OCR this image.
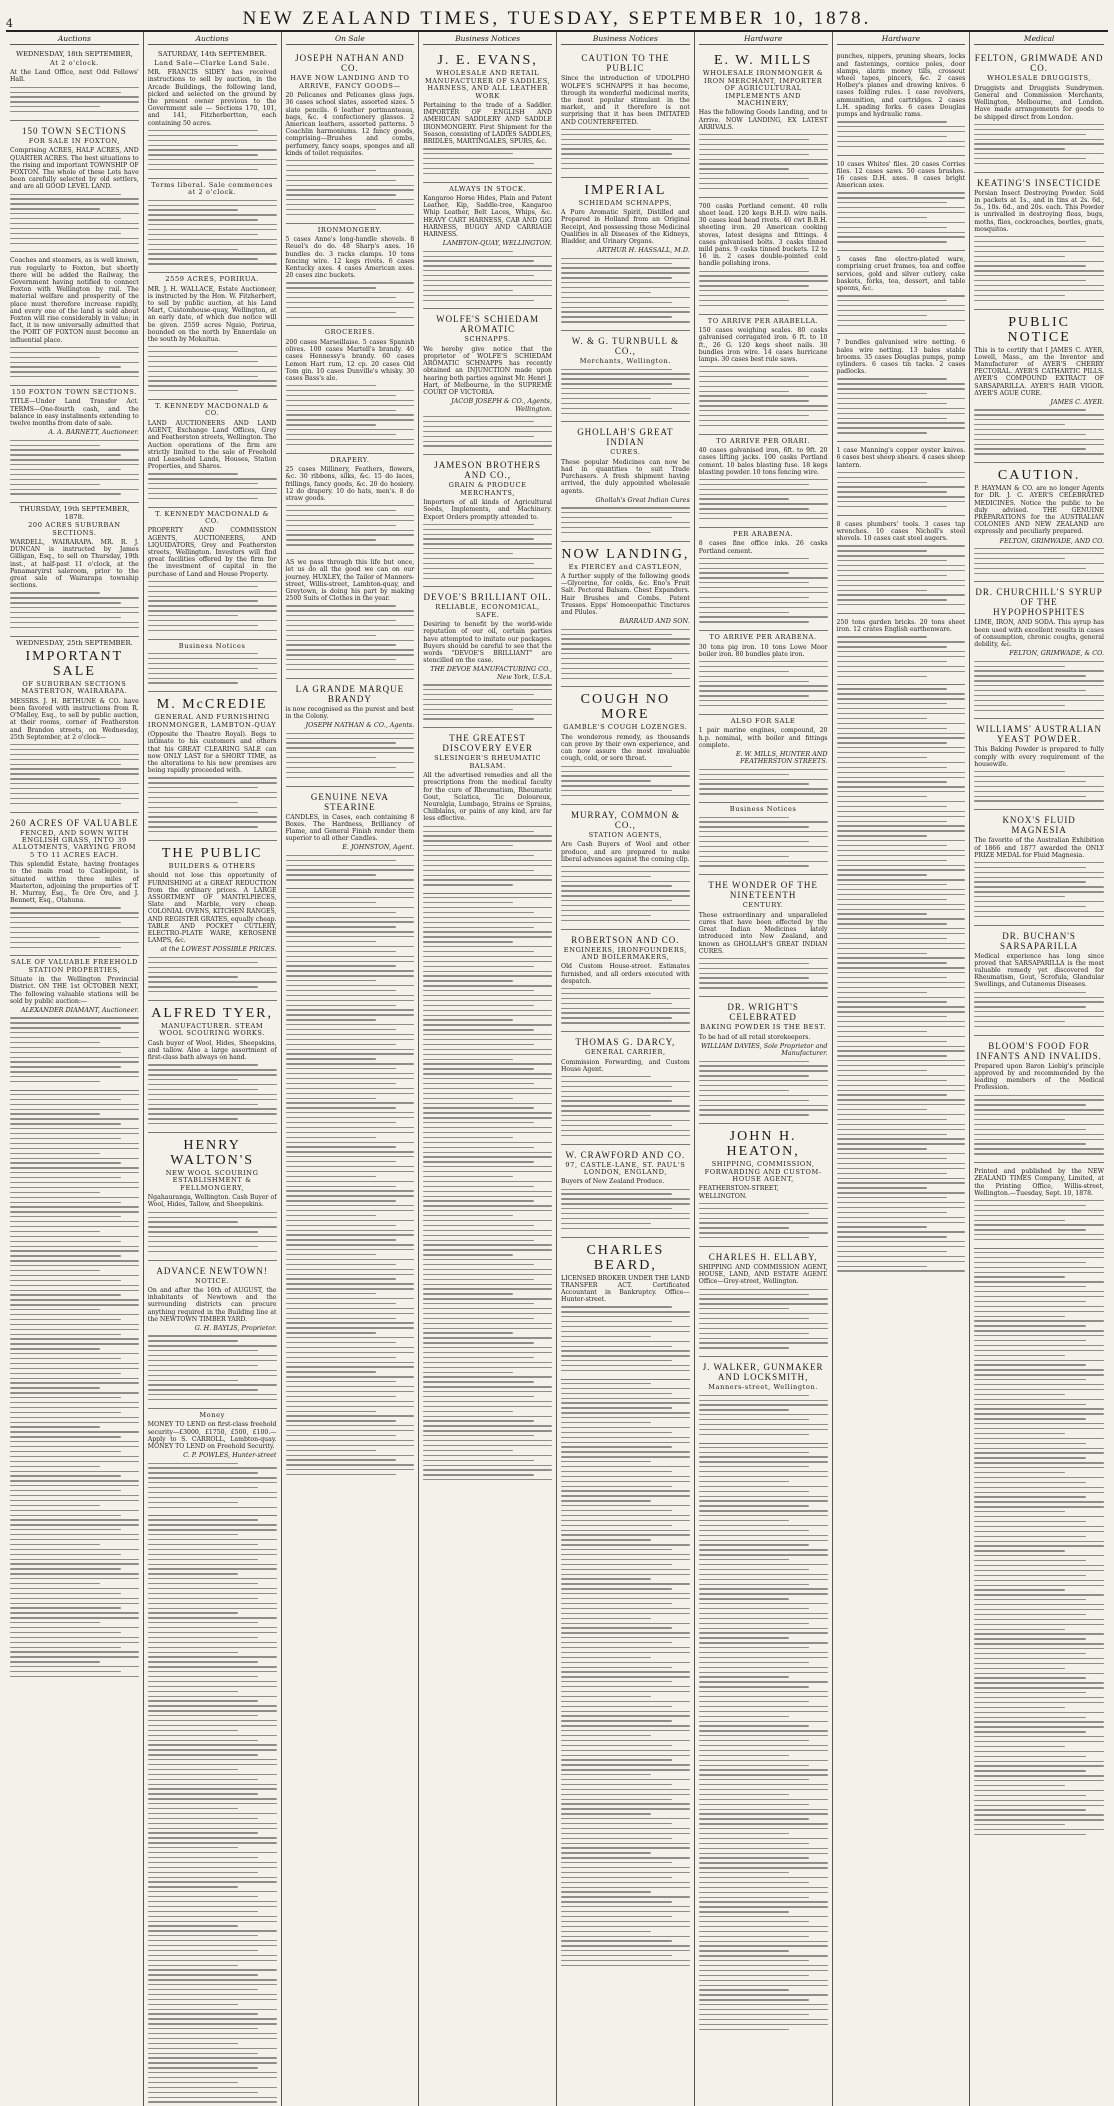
4	NEW ZEALAND TIMES, TUESDAY, SEPTEMBER 10, 1878.
Auctions
WEDNESDAY, 18th SEPTEMBER,
At 2 o'clock.
At the Land Office, next Odd Fellows' Hall.
150 TOWN SECTIONS
FOR SALE IN FOXTON,
Comprising ACRES, HALF ACRES, AND QUARTER ACRES. The best situations to the rising and important TOWNSHIP OF FOXTON. The whole of these Lots have been carefully selected by old settlers, and are all GOOD LEVEL LAND.
Coaches and steamers, as is well known, run regularly to Foxton, but shortly there will be added the Railway, the Government having notified to connect Foxton with Wellington by rail. The material welfare and prosperity of the place must therefore increase rapidly, and every one of the land is sold about Foxton will rise considerably in value; in fact, it is now universally admitted that the PORT OF FOXTON must become an influential place.
150 FOXTON TOWN SECTIONS.
TITLE—Under Land Transfer Act. TERMS—One-fourth cash, and the balance in easy instalments extending to twelve months from date of sale.
A. A. BARNETT, Auctioneer.
THURSDAY, 19th SEPTEMBER, 1878.
200 ACRES SUBURBAN SECTIONS.
WARDELL, WAIRARAPA. MR. R. J. DUNCAN is instructed by James Gilligan, Esq., to sell on Thursday, 19th inst., at half-past 11 o'clock, at the Panamaryirst saleroom, prior to the great sale of Wairarapa township sections.
WEDNESDAY, 25th SEPTEMBER.
IMPORTANT SALE
OF SUBURBAN SECTIONS MASTERTON, WAIRARAPA.
MESSRS. J. H. BETHUNE & CO. have been favored with instructions from R. O'Malley, Esq., to sell by public auction, at their rooms, corner of Featherston and Brandon streets, on Wednesday, 25th September, at 2 o'clock—
260 ACRES OF VALUABLE
FENCED, AND SOWN WITH ENGLISH GRASS, INTO 39 ALLOTMENTS, VARYING FROM 5 TO 11 ACRES EACH.
This splendid Estate, having frontages to the main road to Castlepoint, is situated within three miles of Masterton, adjoining the properties of T. H. Murray, Esq., Te Ore Ore, and J. Bennett, Esq., Otahuna.
SALE OF VALUABLE FREEHOLD STATION PROPERTIES,
Situate in the Wellington Provincial District. ON THE 1st OCTOBER NEXT, The following valuable stations will be sold by public auction:—
ALEXANDER DIAMANT, Auctioneer.
Auctions
SATURDAY, 14th SEPTEMBER.
Land Sale—Clarke Land Sale.
MR. FRANCIS SIDEY has received instructions to sell by auction, in the Arcade Buildings, the following land, picked and selected on the ground by the present owner previous to the Government sale — Sections 170, 101, and 141, Fitzherbertton, each containing 50 acres.
Terms liberal. Sale commences at 2 o'clock.
2559 ACRES, PORIRUA.
MR. J. H. WALLACE, Estate Auctioneer, is instructed by the Hon. W. Fitzherbert, to sell by public auction, at his Land Mart, Customhouse-quay, Wellington, at an early date, of which due notice will be given. 2559 acres Ngaio, Porirua, bounded on the north by Ennerdale on the south by Mokaitua.
T. KENNEDY MACDONALD & CO.
LAND AUCTIONEERS AND LAND AGENT, Exchange Land Offices, Grey and Featherston streets, Wellington. The Auction operations of the firm are strictly limited to the sale of Freehold and Leasehold Lands, Houses, Station Properties, and Shares.
T. KENNEDY MACDONALD & CO.
PROPERTY AND COMMISSION AGENTS, AUCTIONEERS, AND LIQUIDATORS, Grey and Featherston streets, Wellington. Investors will find great facilities offered by the firm for the investment of capital in the purchase of Land and House Property.
Business Notices
M. McCREDIE
GENERAL AND FURNISHING IRONMONGER, LAMBTON-QUAY
(Opposite the Theatre Royal). Begs to intimate to his customers and others that his GREAT CLEARING SALE can now ONLY LAST for a SHORT TIME, as the alterations to his new premises are being rapidly proceeded with.
THE PUBLIC
BUILDERS & OTHERS
should not lose this opportunity of FURNISHING at a GREAT REDUCTION from the ordinary prices. A LARGE ASSORTMENT OF MANTELPIECES, Slate and Marble, very cheap. COLONIAL OVENS, KITCHEN RANGES, AND REGISTER GRATES, equally cheap. TABLE AND POCKET CUTLERY, ELECTRO-PLATE WARE, KEROSENE LAMPS, &c.
at the LOWEST POSSIBLE PRICES.
ALFRED TYER,
MANUFACTURER. STEAM WOOL SCOURING WORKS.
Cash buyer of Wool, Hides, Sheepskins, and tallow. Also a large assortment of first-class bath always on hand.
HENRY WALTON'S
NEW WOOL SCOURING ESTABLISHMENT & FELLMONGERY,
Ngahauranga, Wellington. Cash Buyer of Wool, Hides, Tallow, and Sheepskins.
ADVANCE NEWTOWN!
NOTICE.
On and after the 16th of AUGUST, the inhabitants of Newtown and the surrounding districts can procure anything required in the Building line at the NEWTOWN TIMBER YARD.
G. H. BAYLIS, Proprietor.
Money
MONEY TO LEND on first-class freehold security—£3000, £1750, £500, £100.—Apply to S. CARROLL, Lambton-quay. MONEY TO LEND on Freehold Security.
C. P. POWLES, Hunter-street
On Sale
JOSEPH NATHAN AND CO.
HAVE NOW LANDING AND TO ARRIVE, FANCY GOODS—
20 Pelicanes and Pelicanes glass jugs. 36 cases school slates, assorted sizes. 5 slate pencils. 6 leather portmanteaus, bags, &c. 4 confectionery glasses. 2 American leathers, assorted patterns. 5 Coachlin harmoniums. 12 fancy goods, comprising—Brushes and combs, perfumery, fancy soaps, sponges and all kinds of toilet requisites.
IRONMONGERY.
5 cases Anne's long-handle shovels. 8 Reuel's do do. 48 Sharp's axes. 16 bundles do. 3 racks clamps. 10 tons fencing wire. 12 kegs rivets. 6 cases Kentucky axes. 4 cases American axes. 20 cases zinc buckets.
GROCERIES.
200 cases Marseillaise. 5 cases Spanish olives. 100 cases Martell's brandy. 40 cases Hennessy's brandy. 60 cases Lemon Hart rum, 12 cp. 20 cases Old Tom gin. 10 cases Dunville's whisky. 30 cases Bass's ale.
DRAPERY.
25 cases Millinery, Feathers, flowers, &c. 30 ribbons, silks, &c. 15 do laces, frillings, fancy goods, &c. 20 do hosiery. 12 do drapery. 10 do hats, men's. 8 do straw goods.
AS we pass through this life but once, let us do all the good we can on our journey. HUXLEY, the Tailor of Manners-street, Willis-street, Lambton-quay, and Greytown, is doing his part by making 2500 Suits of Clothes in the year.
LA GRANDE MARQUE BRANDY
is now recognised as the purest and best in the Colony.
JOSEPH NATHAN & CO., Agents.
GENUINE NEVA STEARINE
CANDLES, in Cases, each containing 8 Boxes. The Hardness, Brilliancy of Flame, and General Finish render them superior to all other Candles.
E. JOHNSTON, Agent.
Business Notices
J. E. EVANS,
WHOLESALE AND RETAIL MANUFACTURER OF SADDLES, HARNESS, AND ALL LEATHER WORK
Pertaining to the trade of a Saddler. IMPORTER OF ENGLISH AND AMERICAN SADDLERY AND SADDLE IRONMONGERY. First Shipment for the Season, consisting of LADIES SADDLES, BRIDLES, MARTINGALES, SPURS, &c.
ALWAYS IN STOCK.
Kangaroo Horse Hides, Plain and Patent Leather, Kip, Saddle-tree, Kangaroo Whip Leather, Belt Laces, Whips, &c. HEAVY CART HARNESS, CAB AND GIG HARNESS, BUGGY AND CARRIAGE HARNESS.
LAMBTON-QUAY, WELLINGTON.
WOLFE'S SCHIEDAM AROMATIC
SCHNAPPS.
We hereby give notice that the proprietor of WOLFE'S SCHIEDAM AROMATIC SCHNAPPS has recently obtained an INJUNCTION made upon hearing both parties against Mr. Henri J. Hart, of Melbourne, in the SUPREME COURT OF VICTORIA.
JACOB JOSEPH & CO., Agents, Wellington.
JAMESON BROTHERS AND CO.,
GRAIN & PRODUCE MERCHANTS,
Importers of all kinds of Agricultural Seeds, Implements, and Machinery. Export Orders promptly attended to.
DEVOE'S BRILLIANT OIL.
RELIABLE, ECONOMICAL, SAFE.
Desiring to benefit by the world-wide reputation of our oil, certain parties have attempted to imitate our packages. Buyers should be careful to see that the words "DEVOE'S BRILLIANT" are stencilled on the case.
THE DEVOE MANUFACTURING CO., New York, U.S.A.
THE GREATEST DISCOVERY EVER
SLESINGER'S RHEUMATIC BALSAM.
All the advertised remedies and all the prescriptions from the medical faculty for the cure of Rheumatism, Rheumatic Gout, Sciatica, Tic Doloureux, Neuralgia, Lumbago, Strains or Sprains, Chilblains, or pains of any kind, are far less effective.
Business Notices
CAUTION TO THE PUBLIC
Since the introduction of UDOLPHO WOLFE'S SCHNAPPS it has become, through its wonderful medicinal merits, the most popular stimulant in the market, and it therefore is not surprising that it has been IMITATED AND COUNTERFEITED.
IMPERIAL
SCHIEDAM SCHNAPPS,
A Pure Aromatic Spirit, Distilled and Prepared in Holland from an Original Receipt, And possessing those Medicinal Qualities in all Diseases of the Kidneys, Bladder, and Urinary Organs.
ARTHUR H. HASSALL, M.D.
W. & G. TURNBULL & CO.,
Merchants, Wellington.
GHOLLAH'S GREAT INDIAN
CURES.
These popular Medicines can now be had in quantities to suit Trade Purchasers. A fresh shipment having arrived, the duly appointed wholesale agents.
Ghollah's Great Indian Cures
NOW LANDING,
Ex PIERCEY and CASTLEON,
A further supply of the following goods—Glycerine, for colds, &c. Eno's Fruit Salt. Pectoral Balsam. Chest Expanders. Hair Brushes and Combs. Patent Trusses. Epps' Homoeopathic Tinctures and Pilules.
BARRAUD AND SON.
COUGH NO MORE
GAMBLE'S COUGH LOZENGES.
The wonderous remedy, as thousands can prove by their own experience, and can now assure the most invaluable cough, cold, or sore throat.
MURRAY, COMMON & CO.,
STATION AGENTS,
Are Cash Buyers of Wool and other produce, and are prepared to make liberal advances against the coming clip.
ROBERTSON AND CO.
ENGINEERS, IRONFOUNDERS, AND BOILERMAKERS,
Old Custom House-street. Estimates furnished, and all orders executed with despatch.
THOMAS G. DARCY,
GENERAL CARRIER,
Commission Forwarding, and Custom House Agent.
W. CRAWFORD AND CO.
97, CASTLE-LANE, ST. PAUL'S LONDON, ENGLAND,
Buyers of New Zealand Produce.
CHARLES BEARD,
LICENSED BROKER UNDER THE LAND TRANSFER ACT. Certificated Accountant in Bankruptcy. Office—Hunter-street.
Hardware
E. W. MILLS
WHOLESALE IRONMONGER & IRON MERCHANT, IMPORTER OF AGRICULTURAL IMPLEMENTS AND MACHINERY,
Has the following Goods Landing, and to Arrive. NOW LANDING, EX LATEST ARRIVALS.
700 casks Portland cement. 40 rolls sheet lead. 120 kegs B.H.D. wire nails. 30 cases lead head rivets. 40 cwt B.B.H. sheeting iron. 20 American cooking stoves, latest designs and fittings. 4 cases galvanised bolts. 3 casks tinned mild pans. 9 casks tinned buckets. 12 to 16 in. 2 cases double-pointed cold handle polishing irons.
TO ARRIVE PER ARABELLA.
150 cases weighing scales. 80 casks galvanised corrugated iron. 6 ft. to 10 ft., 26 G. 120 kegs sheet nails. 30 bundles iron wire. 14 cases hurricane lamps. 30 cases best rule saws.
TO ARRIVE PER ORARI.
40 cases galvanised iron, 6ft. to 9ft. 20 cases lifting jacks. 100 casks Portland cement. 10 bales blasting fuse. 18 kegs blasting powder. 10 tons fencing wire.
PER ARABENA.
8 cases fine office inks. 26 casks Portland cement.
TO ARRIVE PER ARABENA.
30 tons pig iron. 10 tons Lowe Moor boiler iron. 80 bundles plate iron.
ALSO FOR SALE
1 pair marine engines, compound, 20 h.p. nominal, with boiler and fittings complete.
E. W. MILLS, HUNTER AND FEATHERSTON STREETS.
Business Notices
THE WONDER OF THE NINETEENTH
CENTURY.
These extraordinary and unparalleled cures that have been effected by the Great Indian Medicines lately introduced into New Zealand, and known as GHOLLAH'S GREAT INDIAN CURES.
DR. WRIGHT'S CELEBRATED
BAKING POWDER IS THE BEST.
To be had of all retail storekeepers.
WILLIAM DAVIES, Sole Proprietor and Manufacturer.
JOHN H. HEATON,
SHIPPING, COMMISSION, FORWARDING AND CUSTOM-HOUSE AGENT,
FEATHERSTON-STREET, WELLINGTON.
CHARLES H. ELLABY,
SHIPPING AND COMMISSION AGENT, HOUSE, LAND, AND ESTATE AGENT. Office—Grey-street, Wellington.
J. WALKER, GUNMAKER AND LOCKSMITH,
Manners-street, Wellington.
Hardware
punches, nippers, pruning shears, locks and fastenings, cornice poles, door slamps, alarm money tills, crossout wheel tapes, pincers, &c. 2 cases Holbey's planes and drawing knives. 6 cases folding rules. 1 case revolvers, ammunition, and cartridges. 2 cases L.H. spading forks. 6 cases Douglas pumps and hydraulic rams.
10 cases Whites' files. 20 cases Corries files. 12 cases saws. 50 cases brushes. 16 cases D.H. axes. 8 cases bright American axes.
5 cases fine electro-plated ware, comprising cruet frames, tea and coffee services, gold and silver cutlery, cake baskets, forks, tea, dessert, and table spoons, &c.
7 bundles galvanised wire netting. 6 bales wire netting. 13 bales stable brooms. 35 cases Douglas pumps, pump cylinders. 6 cases tin tacks. 2 cases padlocks.
1 case Manning's copper oyster knives. 6 cases best sheep shears. 4 cases sheep lantern.
8 cases plumbers' tools. 3 cases tap wrenches. 10 cases Nicholl's steel shovels. 10 cases cast steel augers.
250 tons garden bricks. 20 tons sheet iron. 12 crates English earthenware.
Medical
FELTON, GRIMWADE AND CO.
WHOLESALE DRUGGISTS,
Druggists and Druggists Sundrymen. General and Commission Merchants, Wellington, Melbourne, and London. Have made arrangements for goods to be shipped direct from London.
KEATING'S INSECTICIDE
Persian Insect Destroying Powder. Sold in packets at 1s., and in tins at 2s. 6d., 5s., 10s. 6d., and 20s. each. This Powder is unrivalled in destroying fleas, bugs, moths, flies, cockroaches, beetles, gnats, mosquitos.
PUBLIC NOTICE
This is to certify that I JAMES C. AYER, Lowell, Mass., am the Inventor and Manufacturer of AYER'S CHERRY PECTORAL. AYER'S CATHARTIC PILLS. AYER'S COMPOUND EXTRACT OF SARSAPARILLA. AYER'S HAIR VIGOR. AYER'S AGUE CURE.
JAMES C. AYER.
CAUTION.
P. HAYMAN & CO. are no longer Agents for DR. J. C. AYER'S CELEBRATED MEDICINES. Notice the public to be duly advised. THE GENUINE PREPARATIONS for the AUSTRALIAN COLONIES AND NEW ZEALAND are expressly and peculiarly prepared.
FELTON, GRIMWADE, AND CO.
DR. CHURCHILL'S SYRUP OF THE HYPOPHOSPHITES
LIME, IRON, AND SODA. This syrup has been used with excellent results in cases of consumption, chronic coughs, general debility, &c.
FELTON, GRIMWADE, & CO.
WILLIAMS' AUSTRALIAN YEAST POWDER.
This Baking Powder is prepared to fully comply with every requirement of the housewife.
KNOX'S FLUID MAGNESIA
The favorite of the Australian Exhibition of 1866 and 1877 awarded the ONLY PRIZE MEDAL for Fluid Magnesia.
DR. BUCHAN'S SARSAPARILLA
Medical experience has long since proved that SARSAPARILLA is the most valuable remedy yet discovered for Rheumatism, Gout, Scrofula, Glandular Swellings, and Cutaneous Diseases.
BLOOM'S FOOD FOR INFANTS AND INVALIDS.
Prepared upon Baron Liebig's principle approved by and recommended by the leading members of the Medical Profession.
Printed and published by the NEW ZEALAND TIMES Company, Limited, at the Printing Office, Willis-street, Wellington.—Tuesday, Sept. 10, 1878.
